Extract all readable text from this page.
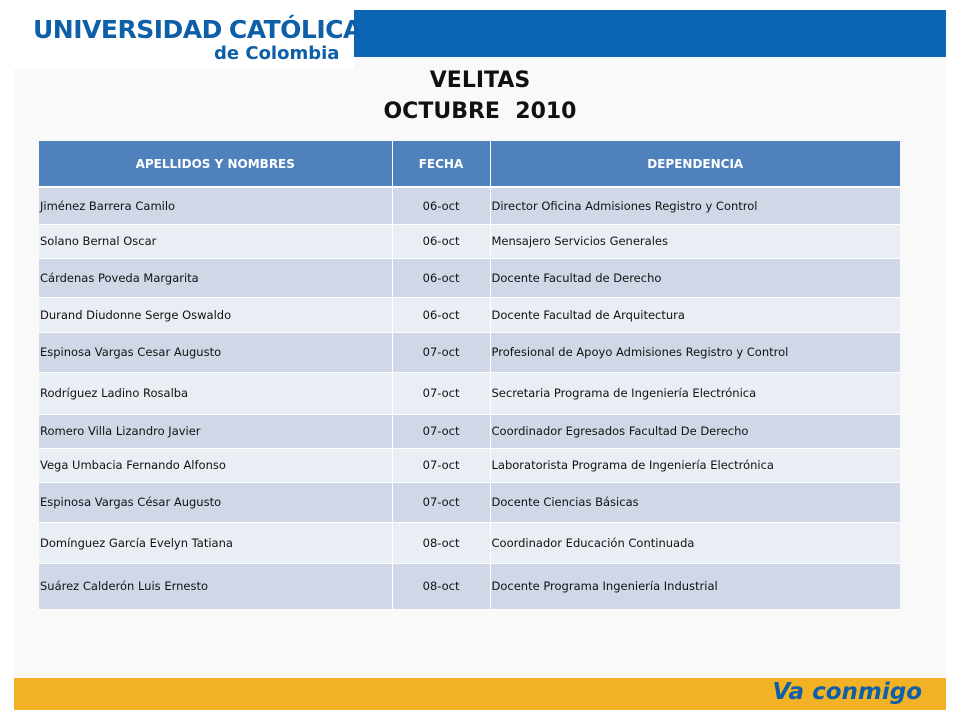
UNIVERSIDAD CATÓLICA
de Colombia
VELITAS
OCTUBRE  2010
APELLIDOS Y NOMBRES	FECHA	DEPENDENCIA
Jiménez Barrera Camilo	06-oct	Director Oficina Admisiones Registro y Control
Solano Bernal Oscar	06-oct	Mensajero Servicios Generales
Cárdenas Poveda Margarita	06-oct	Docente Facultad de Derecho
Durand Diudonne Serge Oswaldo	06-oct	Docente Facultad de Arquitectura
Espinosa Vargas Cesar Augusto	07-oct	Profesional de Apoyo Admisiones Registro y Control
Rodríguez Ladino Rosalba	07-oct	Secretaria Programa de Ingeniería Electrónica
Romero Villa Lizandro Javier	07-oct	Coordinador Egresados Facultad De Derecho
Vega Umbacia Fernando Alfonso	07-oct	Laboratorista Programa de Ingeniería Electrónica
Espinosa Vargas César Augusto	07-oct	Docente Ciencias Básicas
Domínguez García Evelyn Tatiana	08-oct	Coordinador Educación Continuada
Suárez Calderón Luis Ernesto	08-oct	Docente Programa Ingeniería Industrial
Va conmigo
